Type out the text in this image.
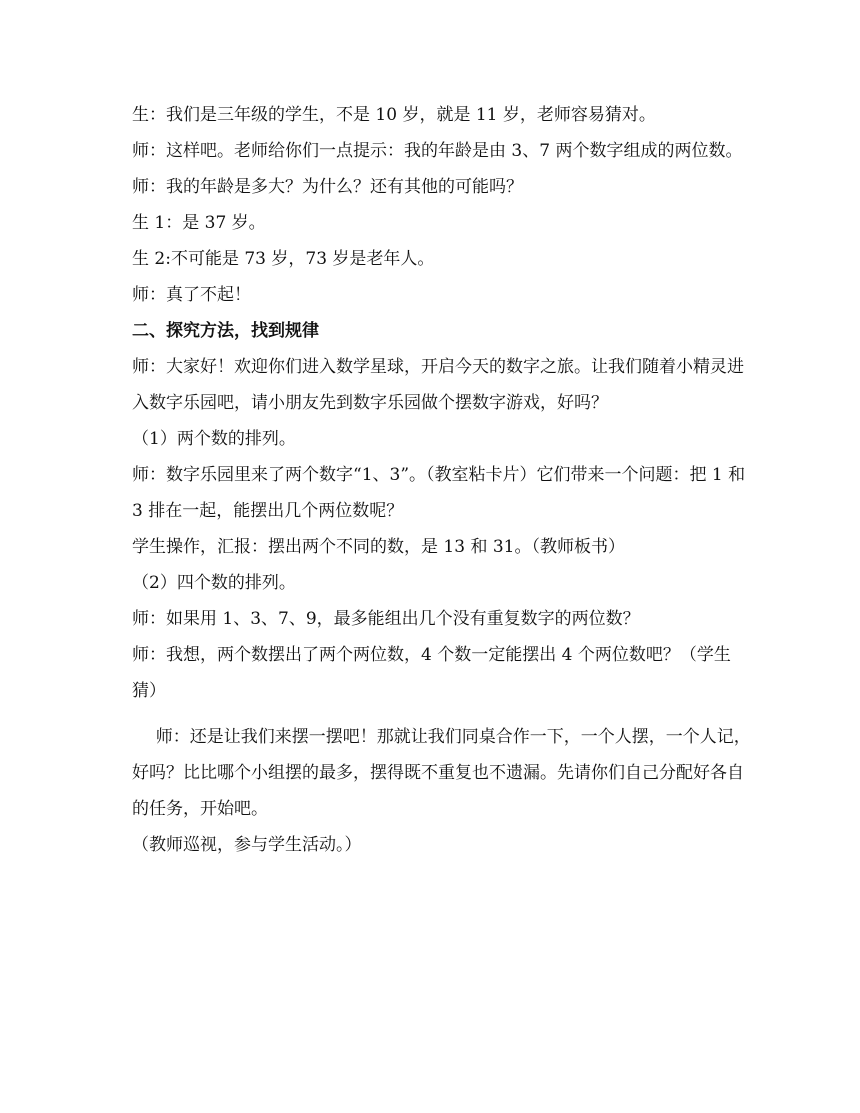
生：我们是三年级的学生，不是 10 岁，就是 11 岁，老师容易猜对。

师：这样吧。老师给你们一点提示：我的年龄是由 3、7 两个数字组成的两位数。

师：我的年龄是多大？为什么？还有其他的可能吗？

生 1：是 37 岁。

生 2:不可能是 73 岁，73 岁是老年人。

师：真了不起！

二、探究方法，找到规律

师：大家好！欢迎你们进入数学星球，开启今天的数字之旅。让我们随着小精灵进入数字乐园吧，请小朋友先到数字乐园做个摆数字游戏，好吗？

（1）两个数的排列。

师：数字乐园里来了两个数字“1、3”。（教室粘卡片）它们带来一个问题：把 1 和 3 排在一起，能摆出几个两位数呢？

学生操作，汇报：摆出两个不同的数，是 13 和 31。（教师板书）

（2）四个数的排列。

师：如果用 1、3、7、9，最多能组出几个没有重复数字的两位数？

师：我想，两个数摆出了两个两位数，4 个数一定能摆出 4 个两位数吧？（学生猜）

师：还是让我们来摆一摆吧！那就让我们同桌合作一下，一个人摆，一个人记，好吗？比比哪个小组摆的最多，摆得既不重复也不遗漏。先请你们自己分配好各自的任务，开始吧。

（教师巡视，参与学生活动。）
